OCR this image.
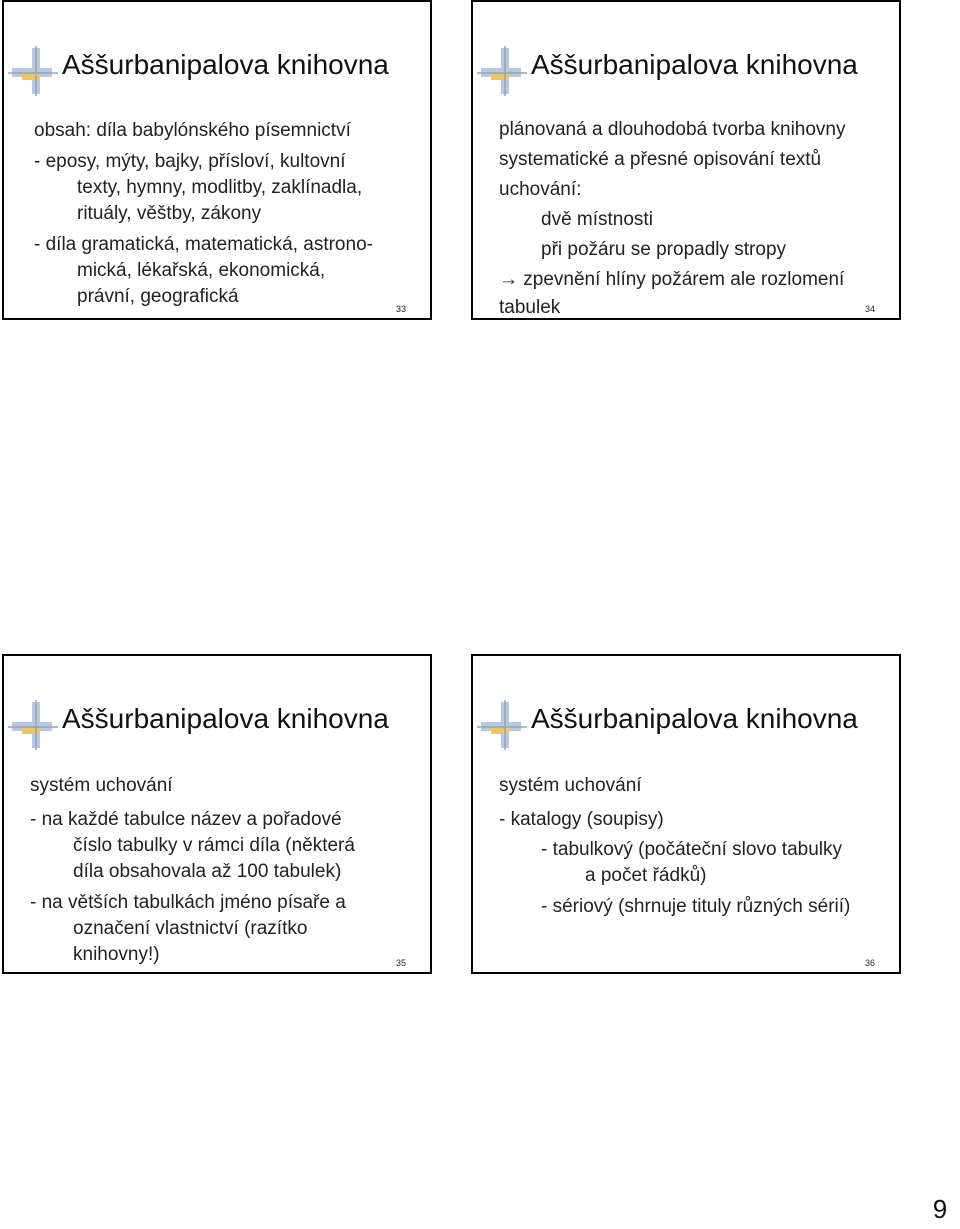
Aššurbanipalova knihovna
obsah: díla babylónského písemnictví
- eposy, mýty, bajky, přísloví, kultovní
texty, hymny, modlitby, zaklínadla,
rituály, věštby, zákony
- díla gramatická, matematická, astrono-
mická, lékařská, ekonomická,
právní, geografická
33
Aššurbanipalova knihovna
plánovaná a dlouhodobá tvorba knihovny
systematické a přesné opisování textů
uchování:
dvě místnosti
při požáru se propadly stropy
→ zpevnění hlíny požárem ale rozlomení
tabulek	34
Aššurbanipalova knihovna
systém uchování
- na každé tabulce název a pořadové
číslo tabulky v rámci díla (některá
díla obsahovala až 100 tabulek)
- na větších tabulkách jméno písaře a
označení vlastnictví (razítko
knihovny!)	35
Aššurbanipalova knihovna
systém uchování
- katalogy (soupisy)
- tabulkový (počáteční slovo tabulky
a počet řádků)
- sériový (shrnuje tituly různých sérií)
36
9
